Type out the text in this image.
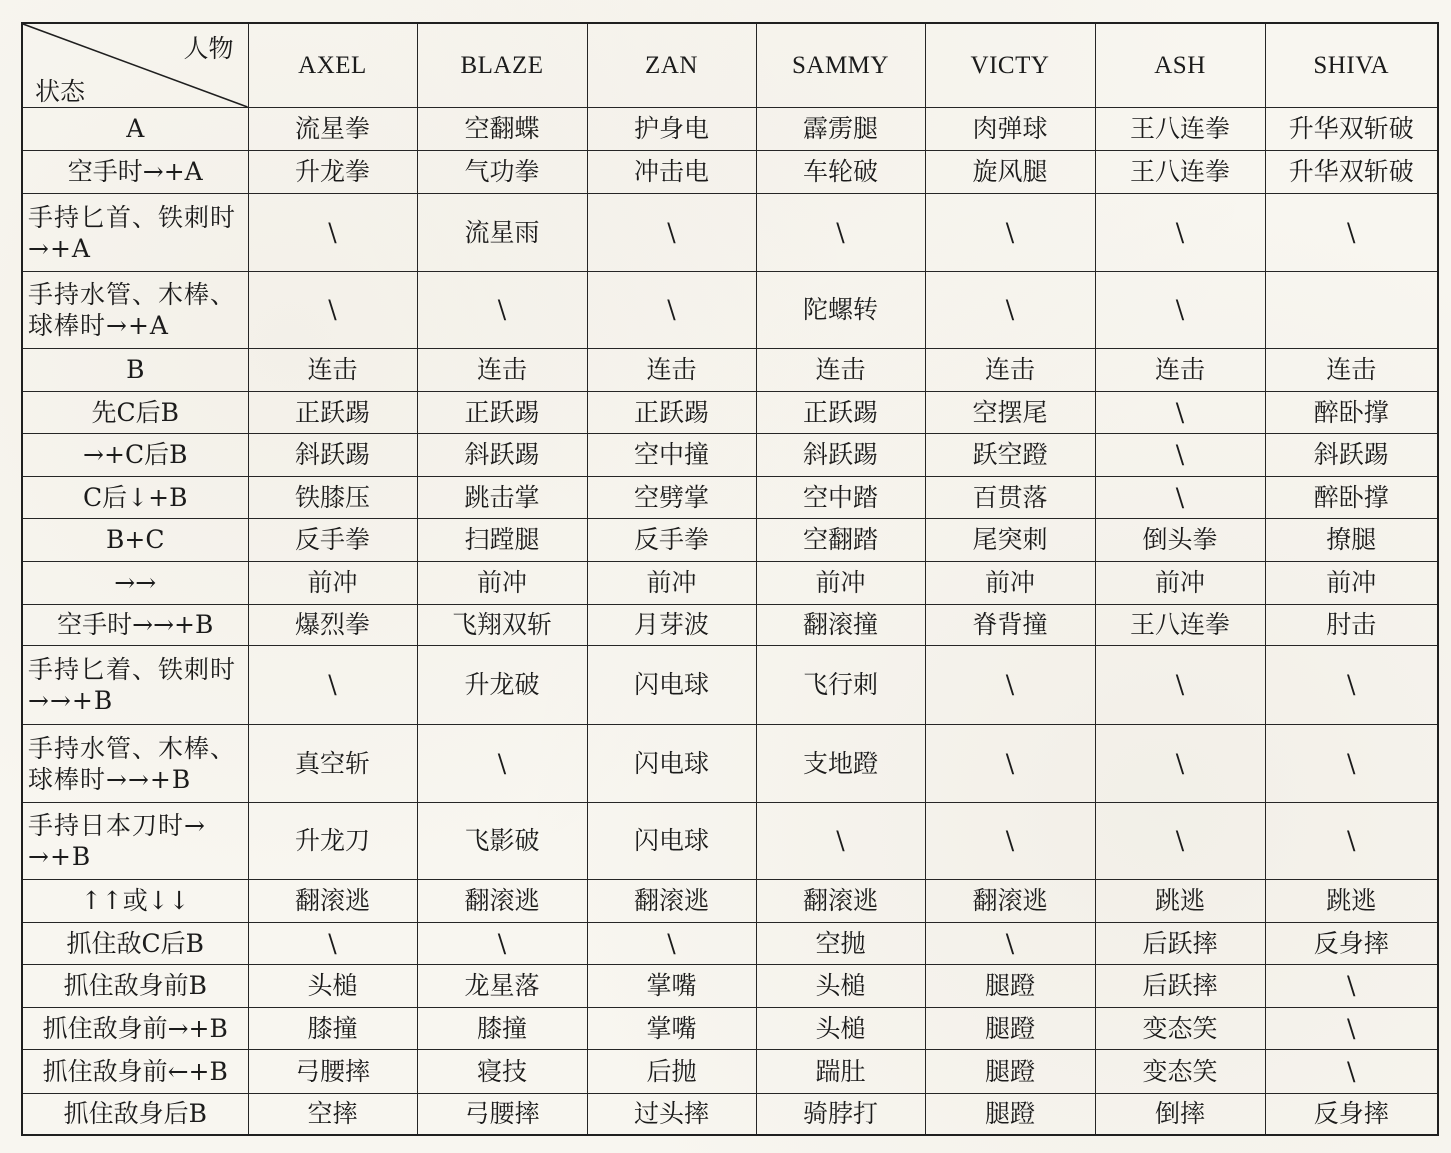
人物
状态	AXEL	BLAZE	ZAN	SAMMY	VICTY	ASH	SHIVA
A	流星拳	空翻蝶	护身电	霹雳腿	肉弹球	王八连拳	升华双斩破
空手时→+A	升龙拳	气功拳	冲击电	车轮破	旋风腿	王八连拳	升华双斩破

手持匕首、铁刺时
→+A	\	流星雨	\	\	\	\	\

手持水管、木棒、
球棒时→+A	\	\	\	陀螺转	\	\	
B	连击	连击	连击	连击	连击	连击	连击
先C后B	正跃踢	正跃踢	正跃踢	正跃踢	空摆尾	\	醉卧撑
→+C后B	斜跃踢	斜跃踢	空中撞	斜跃踢	跃空蹬	\	斜跃踢
C后↓+B	铁膝压	跳击掌	空劈掌	空中踏	百贯落	\	醉卧撑
B+C	反手拳	扫蹚腿	反手拳	空翻踏	尾突刺	倒头拳	撩腿
→→	前冲	前冲	前冲	前冲	前冲	前冲	前冲
空手时→→+B	爆烈拳	飞翔双斩	月芽波	翻滚撞	脊背撞	王八连拳	肘击

手持匕着、铁刺时
→→+B	\	升龙破	闪电球	飞行刺	\	\	\

手持水管、木棒、
球棒时→→+B	真空斩	\	闪电球	支地蹬	\	\	\

手持日本刀时→
→+B	升龙刀	飞影破	闪电球	\	\	\	\
↑↑或↓↓	翻滚逃	翻滚逃	翻滚逃	翻滚逃	翻滚逃	跳逃	跳逃
抓住敌C后B	\	\	\	空抛	\	后跃摔	反身摔
抓住敌身前B	头槌	龙星落	掌嘴	头槌	腿蹬	后跃摔	\
抓住敌身前→+B	膝撞	膝撞	掌嘴	头槌	腿蹬	变态笑	\
抓住敌身前←+B	弓腰摔	寝技	后抛	踹肚	腿蹬	变态笑	\
抓住敌身后B	空摔	弓腰摔	过头摔	骑脖打	腿蹬	倒摔	反身摔
